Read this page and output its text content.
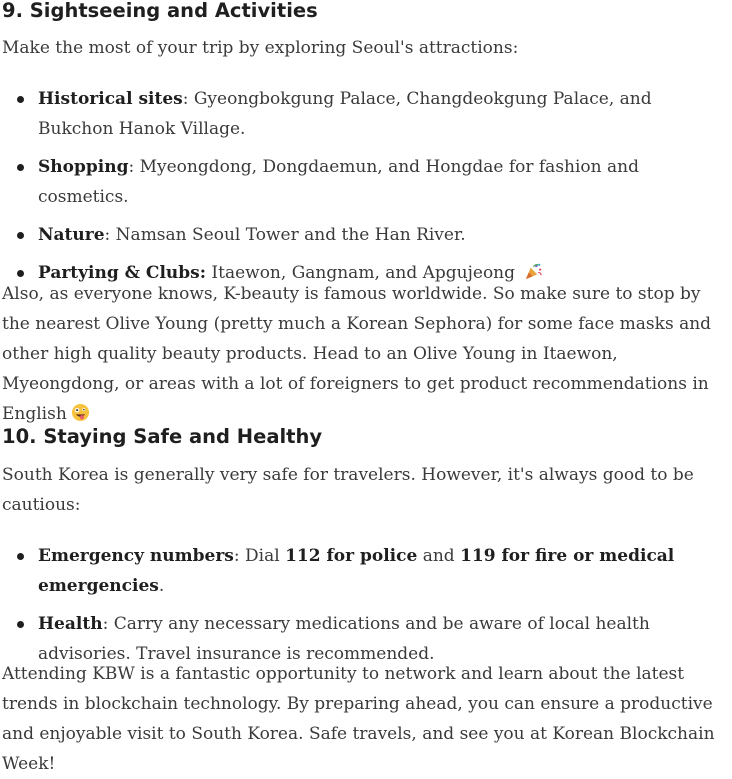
9. Sightseeing and Activities

Make the most of your trip by exploring Seoul's attractions:

Historical sites: Gyeongbokgung Palace, Changdeokgung Palace, and Bukchon Hanok Village.
Shopping: Myeongdong, Dongdaemun, and Hongdae for fashion and cosmetics.
Nature: Namsan Seoul Tower and the Han River.
Partying & Clubs: Itaewon, Gangnam, and Apgujeong

Also, as everyone knows, K-beauty is famous worldwide. So make sure to stop by the nearest Olive Young (pretty much a Korean Sephora) for some face masks and other high quality beauty products. Head to an Olive Young in Itaewon, Myeongdong, or areas with a lot of foreigners to get product recommendations in English

10. Staying Safe and Healthy

South Korea is generally very safe for travelers. However, it's always good to be cautious:

Emergency numbers: Dial 112 for police and 119 for fire or medical emergencies.
Health: Carry any necessary medications and be aware of local health advisories. Travel insurance is recommended.

Attending KBW is a fantastic opportunity to network and learn about the latest trends in blockchain technology. By preparing ahead, you can ensure a productive and enjoyable visit to South Korea. Safe travels, and see you at Korean Blockchain Week!
